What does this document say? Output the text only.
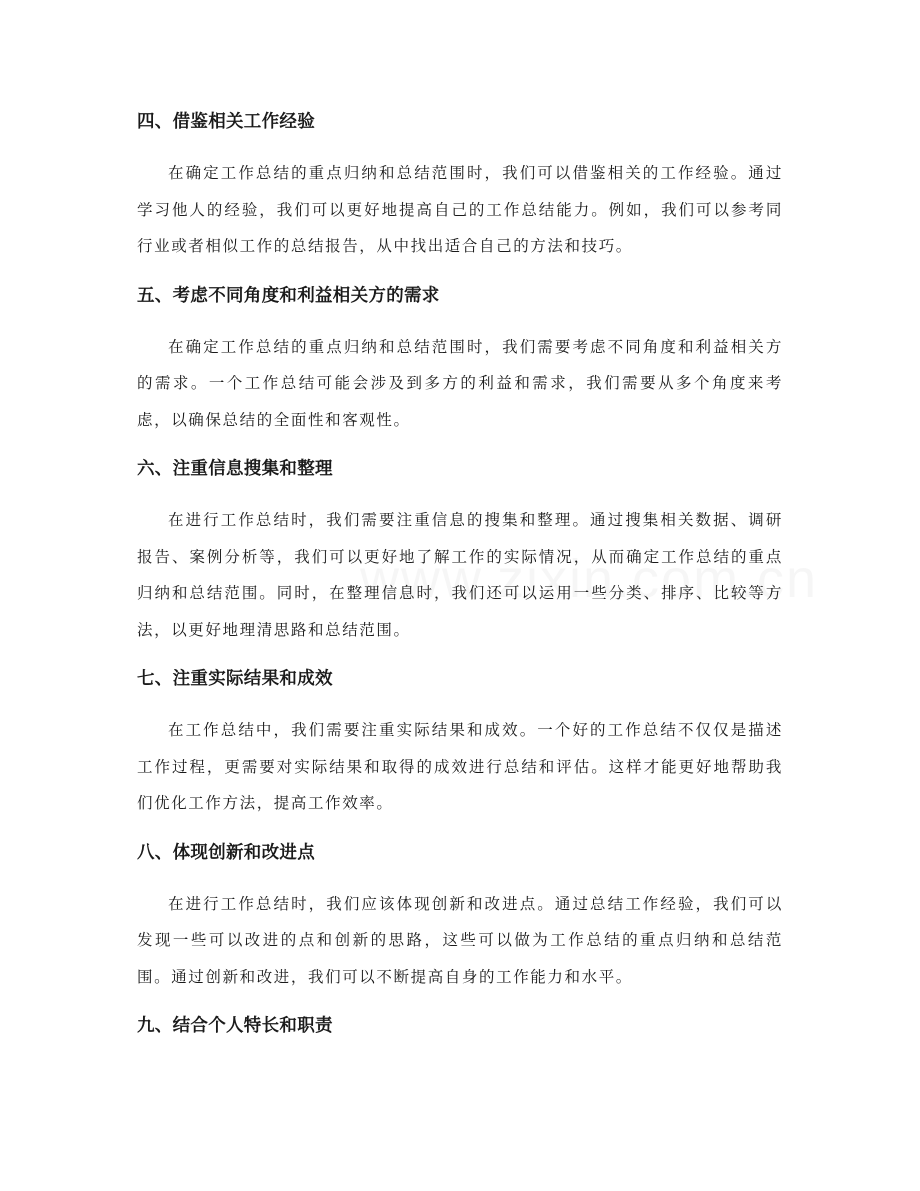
四、借鉴相关工作经验

在确定工作总结的重点归纳和总结范围时，我们可以借鉴相关的工作经验。通过学习他人的经验，我们可以更好地提高自己的工作总结能力。例如，我们可以参考同行业或者相似工作的总结报告，从中找出适合自己的方法和技巧。

五、考虑不同角度和利益相关方的需求

在确定工作总结的重点归纳和总结范围时，我们需要考虑不同角度和利益相关方的需求。一个工作总结可能会涉及到多方的利益和需求，我们需要从多个角度来考虑，以确保总结的全面性和客观性。

六、注重信息搜集和整理

在进行工作总结时，我们需要注重信息的搜集和整理。通过搜集相关数据、调研报告、案例分析等，我们可以更好地了解工作的实际情况，从而确定工作总结的重点归纳和总结范围。同时，在整理信息时，我们还可以运用一些分类、排序、比较等方法，以更好地理清思路和总结范围。

七、注重实际结果和成效

在工作总结中，我们需要注重实际结果和成效。一个好的工作总结不仅仅是描述工作过程，更需要对实际结果和取得的成效进行总结和评估。这样才能更好地帮助我们优化工作方法，提高工作效率。

八、体现创新和改进点

在进行工作总结时，我们应该体现创新和改进点。通过总结工作经验，我们可以发现一些可以改进的点和创新的思路，这些可以做为工作总结的重点归纳和总结范围。通过创新和改进，我们可以不断提高自身的工作能力和水平。

九、结合个人特长和职责
